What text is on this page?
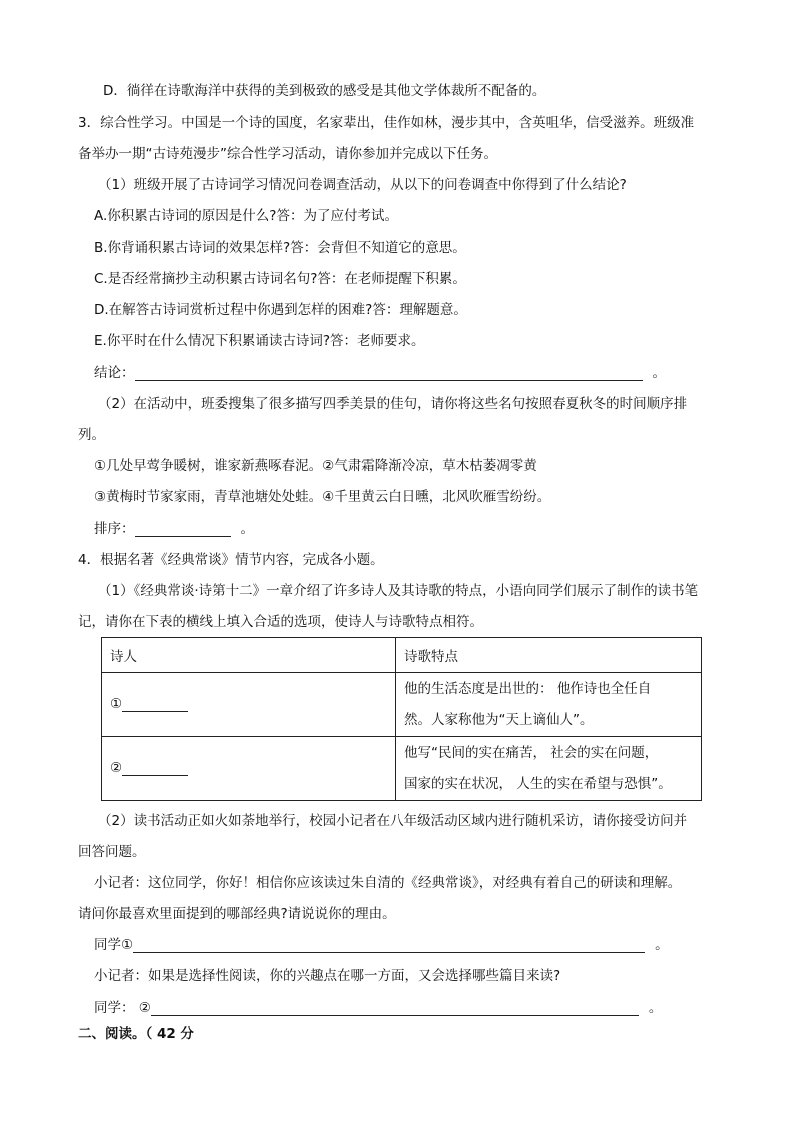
D．徜徉在诗歌海洋中获得的美到极致的感受是其他文学体裁所不配备的。
3．综合性学习。中国是一个诗的国度，名家辈出，佳作如林，漫步其中，含英咀华，信受滋养。班级准
备举办一期“古诗苑漫步”综合性学习活动，请你参加并完成以下任务。
（1）班级开展了古诗词学习情况问卷调查活动，从以下的问卷调查中你得到了什么结论?
A.你积累古诗词的原因是什么?答：为了应付考试。
B.你背诵积累古诗词的效果怎样?答：会背但不知道它的意思。
C.是否经常摘抄主动积累古诗词名句?答：在老师提醒下积累。
D.在解答古诗词赏析过程中你遇到怎样的困难?答：理解题意。
E.你平时在什么情况下积累诵读古诗词?答：老师要求。
结论：	。
（2）在活动中，班委搜集了很多描写四季美景的佳句，请你将这些名句按照春夏秋冬的时间顺序排
列。
①几处早莺争暖树，谁家新燕啄春泥。②气肃霜降渐冷凉，草木枯萎凋零黄
③黄梅时节家家雨，青草池塘处处蛙。④千里黄云白日曛，北风吹雁雪纷纷。
排序：	。
4．根据名著《经典常谈》情节内容，完成各小题。
（1）《经典常谈·诗第十二》一章介绍了许多诗人及其诗歌的特点，小语向同学们展示了制作的读书笔
记，请你在下表的横线上填入合适的选项，使诗人与诗歌特点相符。
诗人	诗歌特点
①	他的生活态度是出世的： 他作诗也全任自
然。人家称他为“天上谪仙人”。

②	他写“民间的实在痛苦， 社会的实在问题，
国家的实在状况， 人生的实在希望与恐惧”。
（2）读书活动正如火如荼地举行，校园小记者在八年级活动区域内进行随机采访，请你接受访问并
回答问题。
小记者：这位同学，你好！相信你应该读过朱自清的《经典常谈》，对经典有着自己的研读和理解。
请问你最喜欢里面提到的哪部经典?请说说你的理由。
同学①	。
小记者：如果是选择性阅读，你的兴趣点在哪一方面，又会选择哪些篇目来读?
同学： ②	。
二、阅读。（ 42 分
